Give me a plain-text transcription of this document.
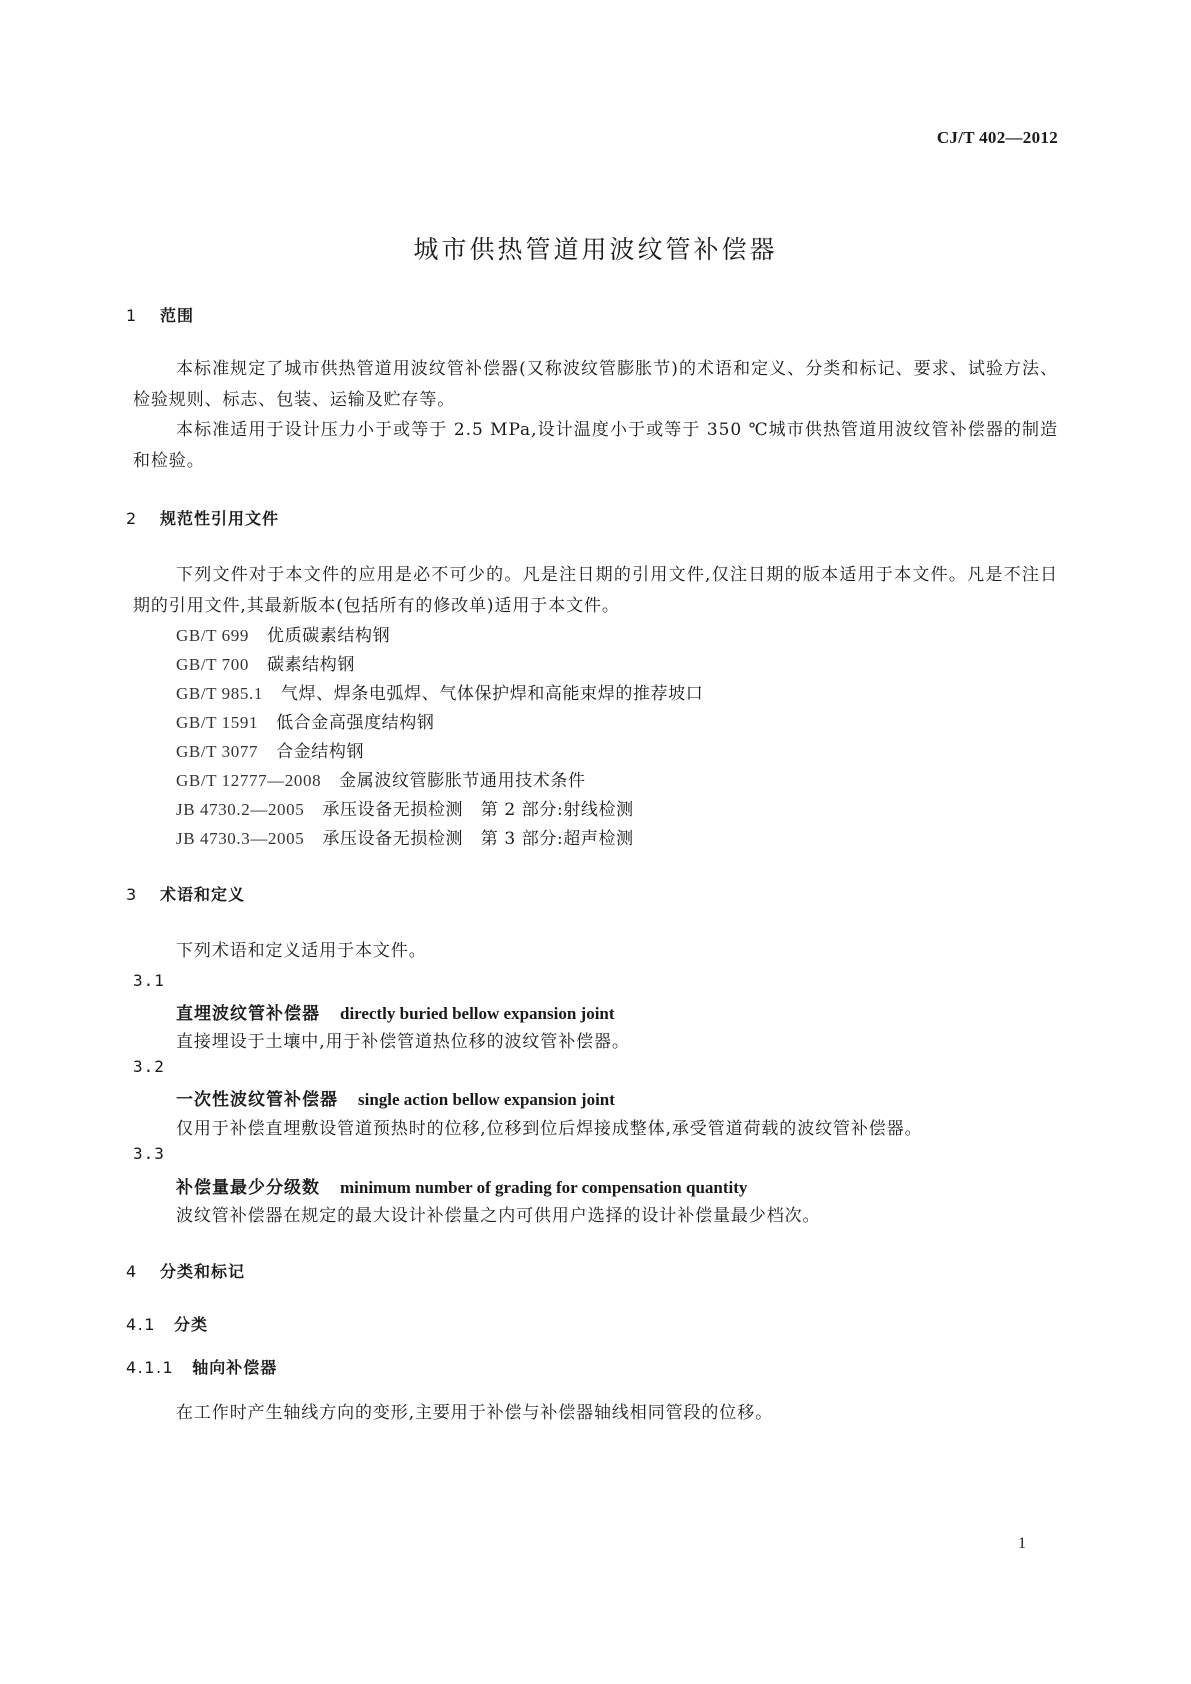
CJ/T 402—2012
城市供热管道用波纹管补偿器
1 范围
本标准规定了城市供热管道用波纹管补偿器(又称波纹管膨胀节)的术语和定义、分类和标记、要求、试验方法、检验规则、标志、包装、运输及贮存等。
本标准适用于设计压力小于或等于 2.5 MPa,设计温度小于或等于 350 ℃城市供热管道用波纹管补偿器的制造和检验。
2 规范性引用文件
下列文件对于本文件的应用是必不可少的。凡是注日期的引用文件,仅注日期的版本适用于本文件。凡是不注日期的引用文件,其最新版本(包括所有的修改单)适用于本文件。
GB/T 699 优质碳素结构钢
GB/T 700 碳素结构钢
GB/T 985.1 气焊、焊条电弧焊、气体保护焊和高能束焊的推荐坡口
GB/T 1591 低合金高强度结构钢
GB/T 3077 合金结构钢
GB/T 12777—2008 金属波纹管膨胀节通用技术条件
JB 4730.2—2005 承压设备无损检测　第 2 部分:射线检测
JB 4730.3—2005 承压设备无损检测　第 3 部分:超声检测
3 术语和定义
下列术语和定义适用于本文件。
3.1
直埋波纹管补偿器 directly buried bellow expansion joint
直接埋设于土壤中,用于补偿管道热位移的波纹管补偿器。
3.2
一次性波纹管补偿器 single action bellow expansion joint
仅用于补偿直埋敷设管道预热时的位移,位移到位后焊接成整体,承受管道荷载的波纹管补偿器。
3.3
补偿量最少分级数 minimum number of grading for compensation quantity
波纹管补偿器在规定的最大设计补偿量之内可供用户选择的设计补偿量最少档次。
4 分类和标记
4.1 分类
4.1.1 轴向补偿器
在工作时产生轴线方向的变形,主要用于补偿与补偿器轴线相同管段的位移。
1
